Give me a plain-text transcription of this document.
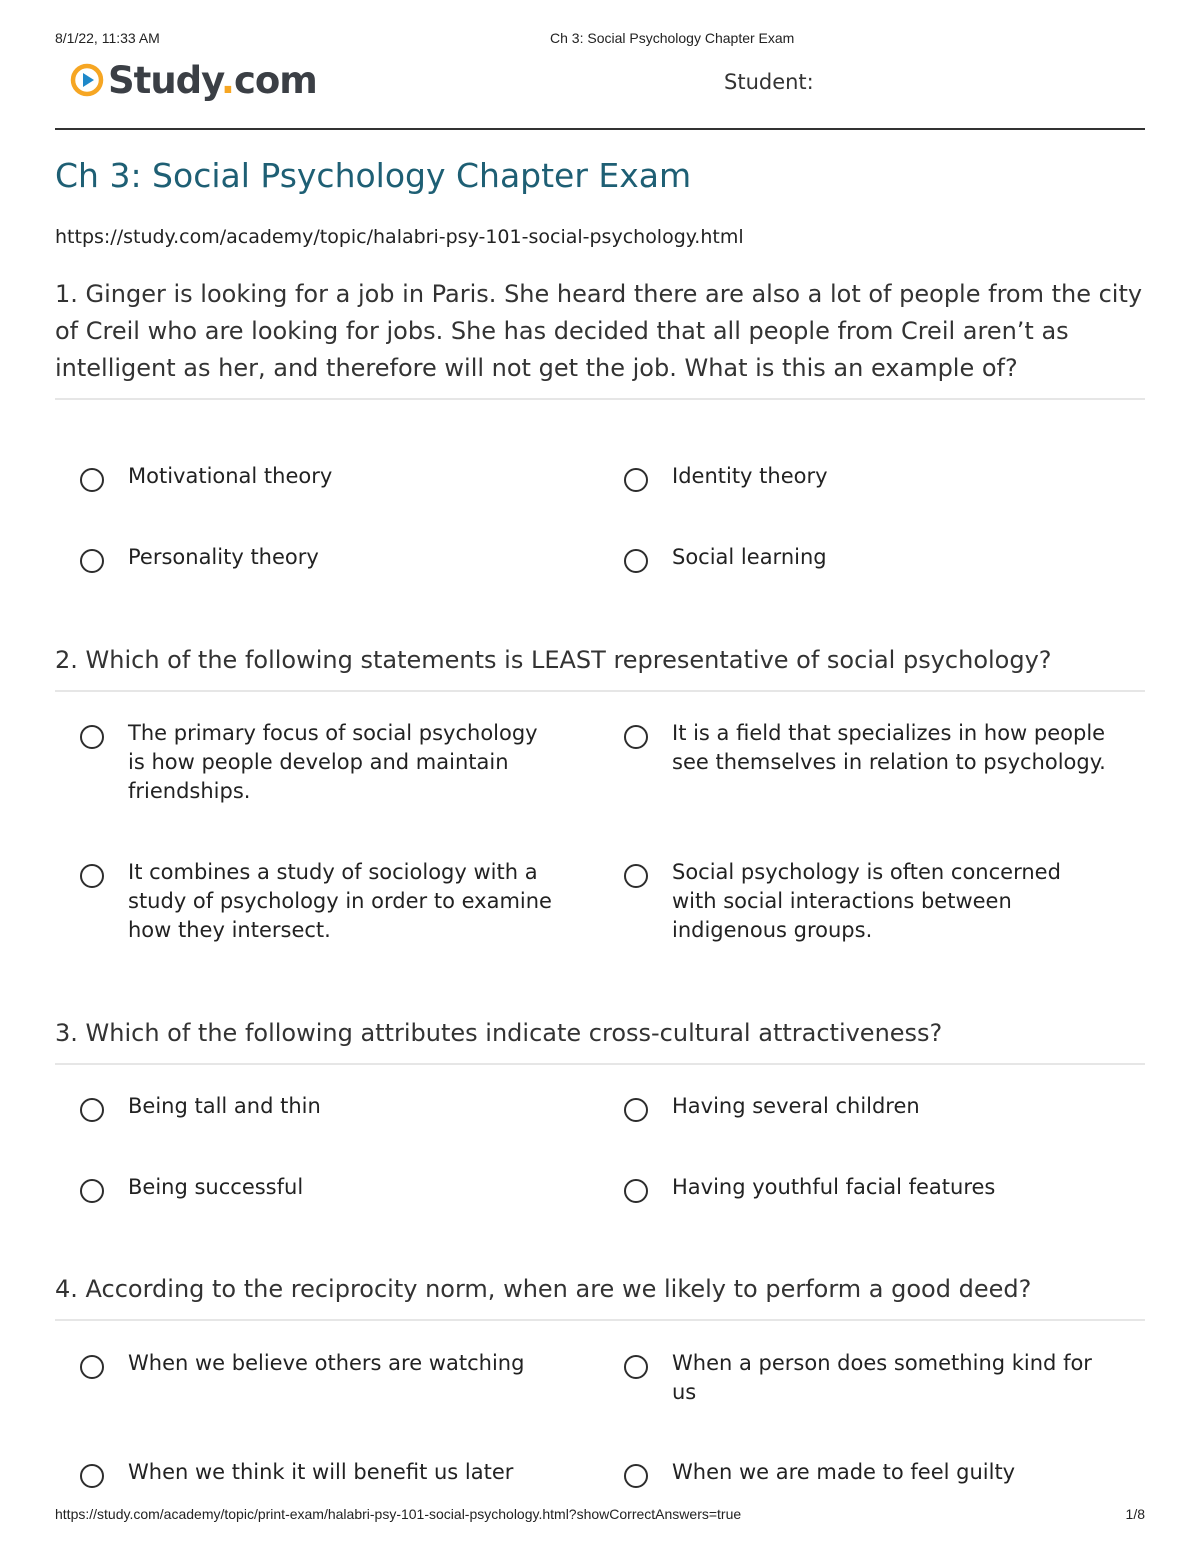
8/1/22, 11:33 AM	Ch 3: Social Psychology Chapter Exam
Study.com	Student:
Ch 3: Social Psychology Chapter Exam
https://study.com/academy/topic/halabri-psy-101-social-psychology.html

1. Ginger is looking for a job in Paris. She heard there are also a lot of people from the city of Creil who are looking for jobs. She has decided that all people from Creil aren’t as intelligent as her, and therefore will not get the job. What is this an example of?

Motivational theory	Identity theory
Personality theory	Social learning

2. Which of the following statements is LEAST representative of social psychology?

The primary focus of social psychology is how people develop and maintain friendships.
It is a field that specializes in how people see themselves in relation to psychology.
It combines a study of sociology with a study of psychology in order to examine how they intersect.
Social psychology is often concerned with social interactions between indigenous groups.

3. Which of the following attributes indicate cross-cultural attractiveness?

Being tall and thin	Having several children
Being successful	Having youthful facial features

4. According to the reciprocity norm, when are we likely to perform a good deed?

When we believe others are watching	When a person does something kind for us
When we think it will benefit us later	When we are made to feel guilty
https://study.com/academy/topic/print-exam/halabri-psy-101-social-psychology.html?showCorrectAnswers=true	1/8
